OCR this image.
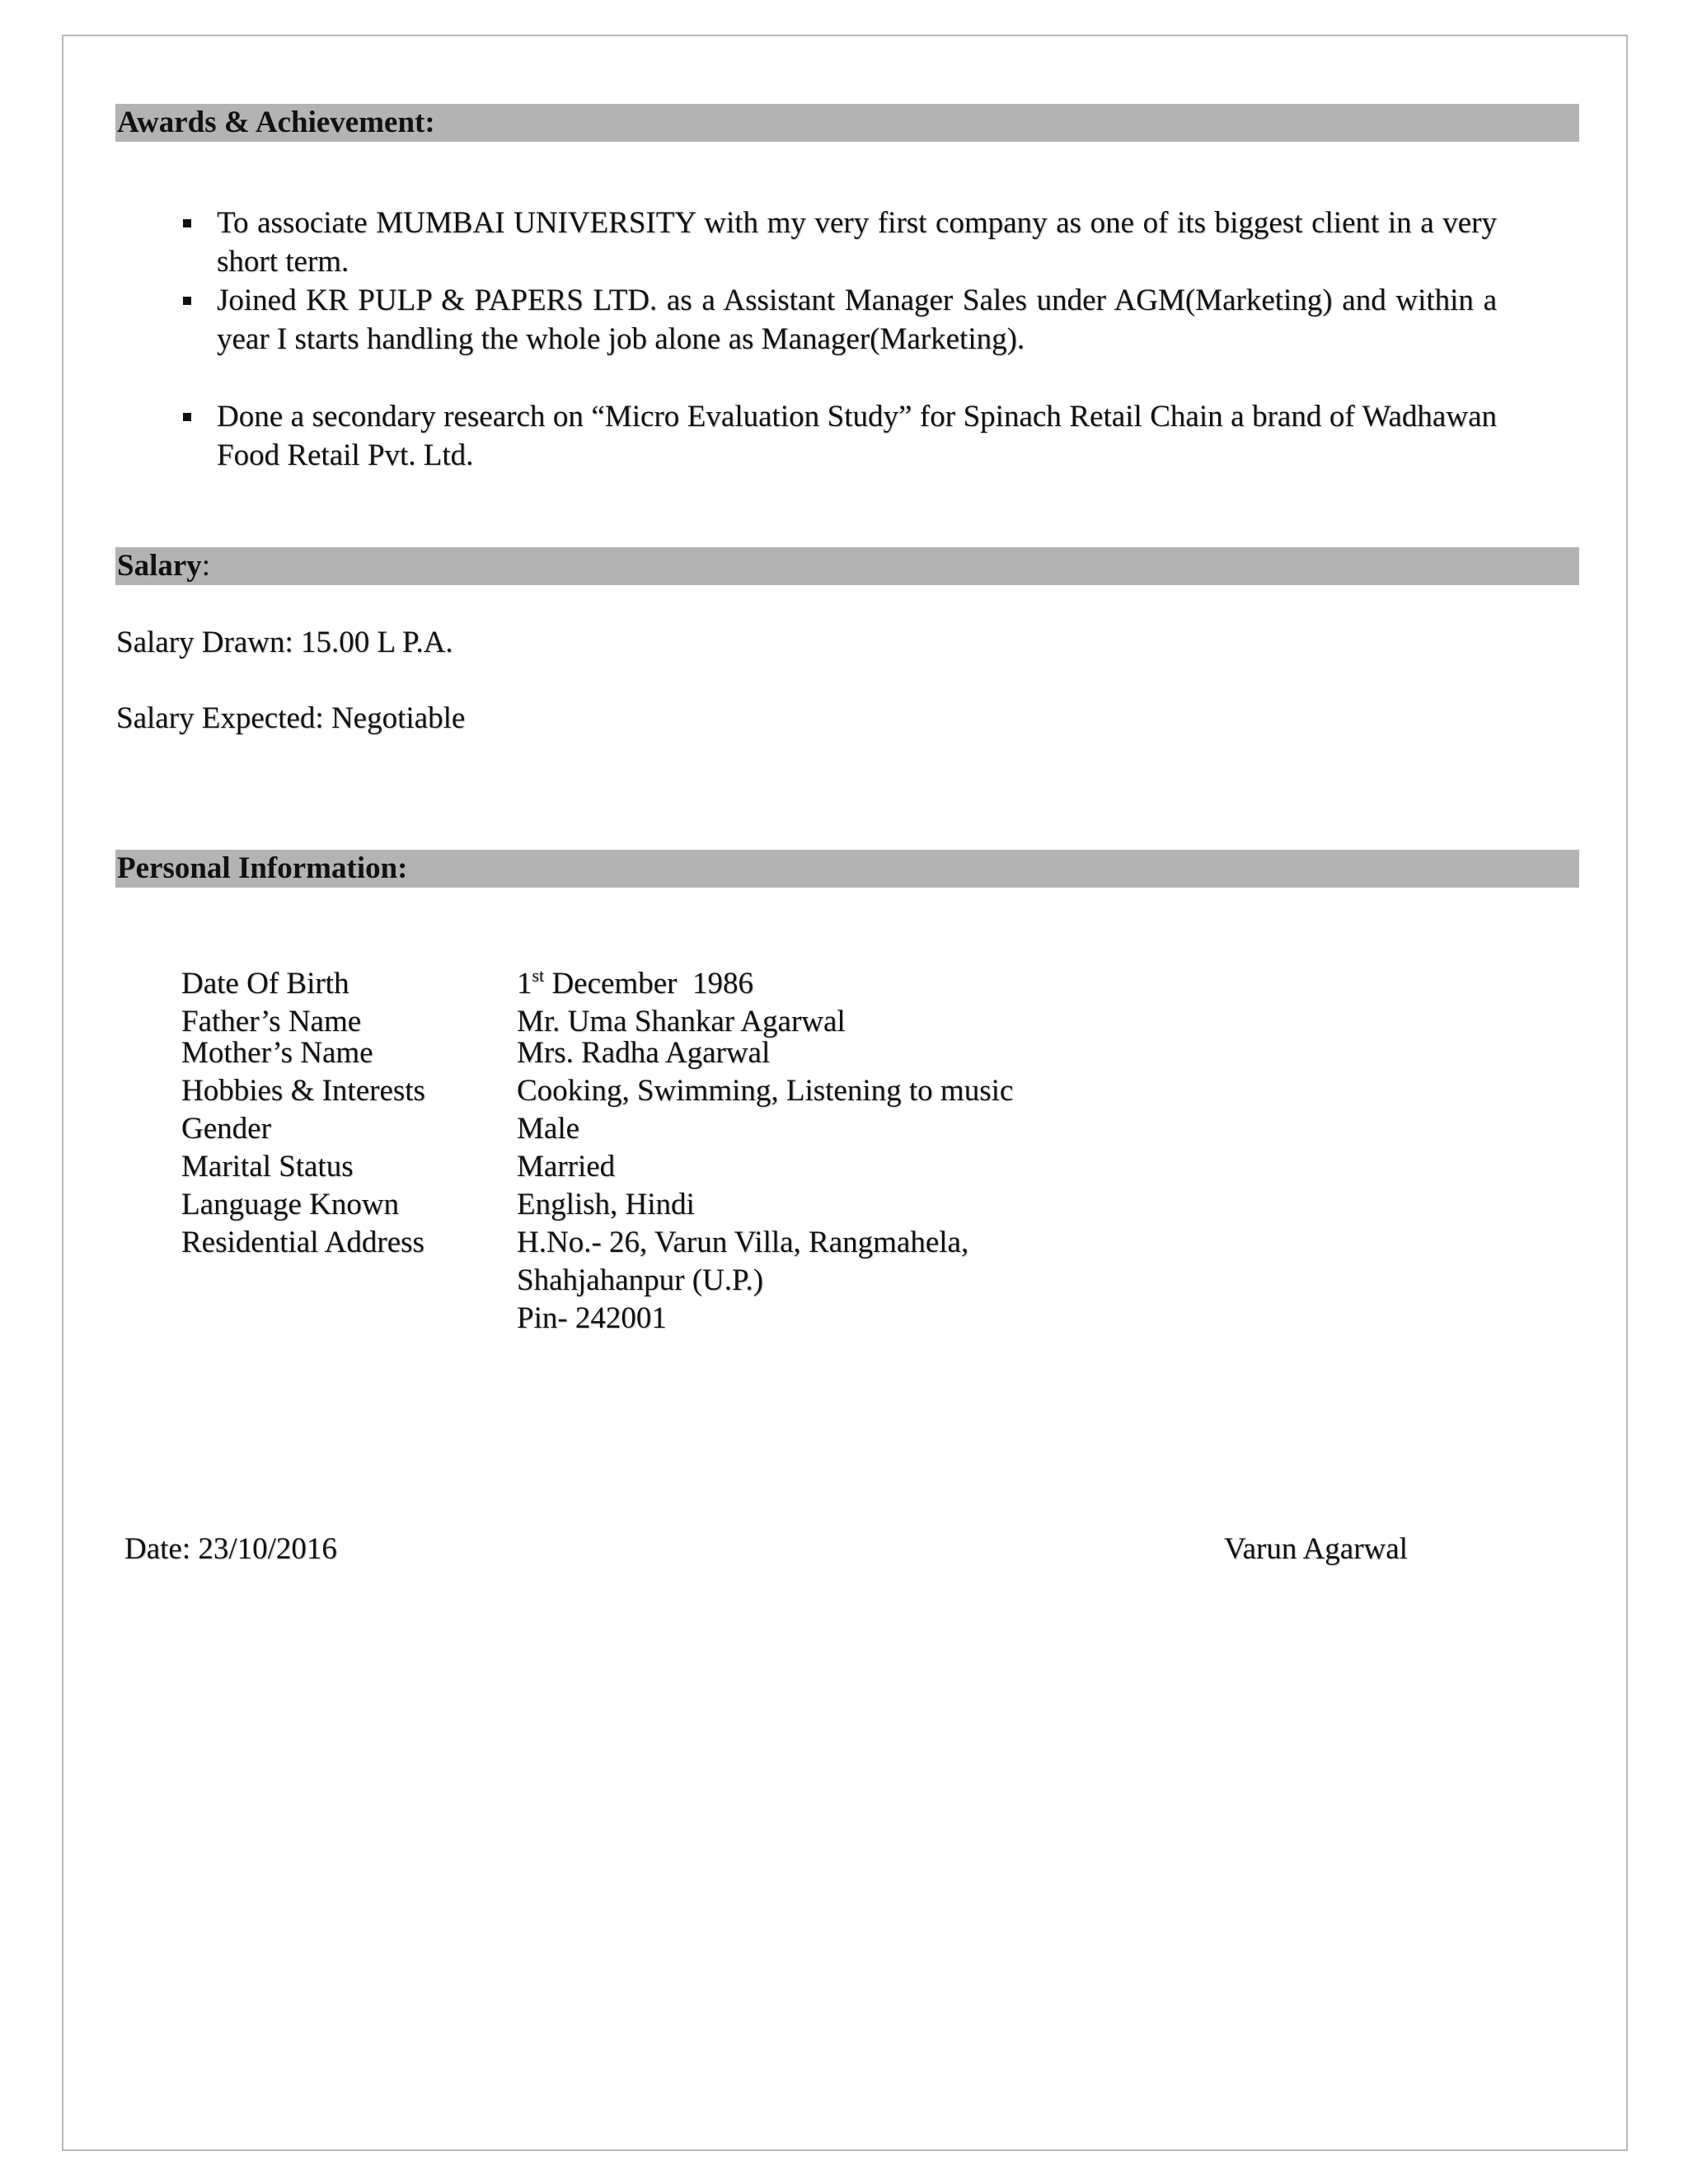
Awards & Achievement:
To associate MUMBAI UNIVERSITY with my very first company as one of its biggest client in a very short term.
Joined KR PULP & PAPERS LTD. as a Assistant Manager Sales under AGM(Marketing) and within a year I starts handling the whole job alone as Manager(Marketing).
Done a secondary research on “Micro Evaluation Study” for Spinach Retail Chain a brand of Wadhawan Food Retail Pvt. Ltd.
Salary:
Salary Drawn: 15.00 L P.A.
Salary Expected: Negotiable
Personal Information:
Date Of Birth	1st December  1986
Father’s Name	Mr. Uma Shankar Agarwal
Mother’s Name	Mrs. Radha Agarwal
Hobbies & Interests	Cooking, Swimming, Listening to music
Gender	Male
Marital Status	Married
Language Known	English, Hindi
Residential Address	H.No.- 26, Varun Villa, Rangmahela,
Shahjahanpur (U.P.)
Pin- 242001
Date: 23/10/2016	Varun Agarwal
